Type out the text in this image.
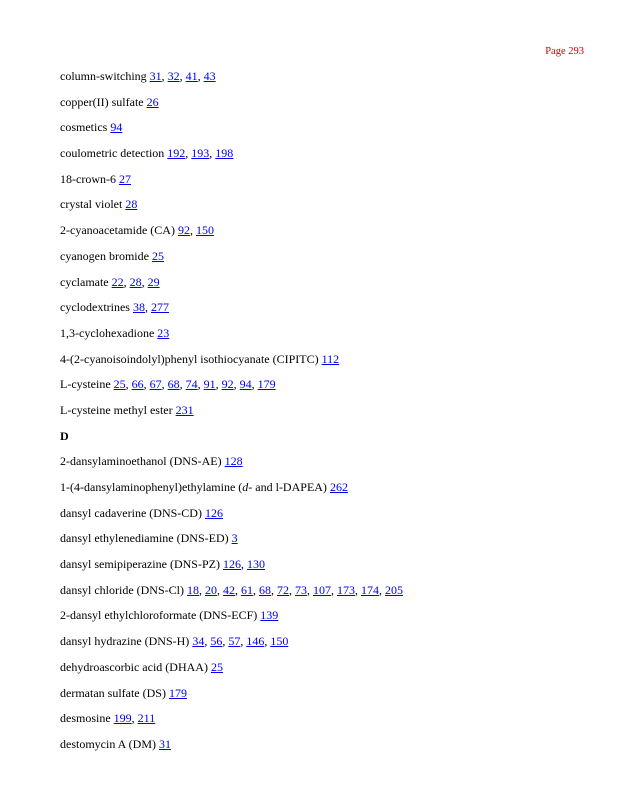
Page 293
column-switching 31, 32, 41, 43
copper(II) sulfate 26
cosmetics 94
coulometric detection 192, 193, 198
18-crown-6 27
crystal violet 28
2-cyanoacetamide (CA) 92, 150
cyanogen bromide 25
cyclamate 22, 28, 29
cyclodextrines 38, 277
1,3-cyclohexadione 23
4-(2-cyanoisoindolyl)phenyl isothiocyanate (CIPITC) 112
L-cysteine 25, 66, 67, 68, 74, 91, 92, 94, 179
L-cysteine methyl ester 231
D
2-dansylaminoethanol (DNS-AE) 128
1-(4-dansylaminophenyl)ethylamine (d- and l-DAPEA) 262
dansyl cadaverine (DNS-CD) 126
dansyl ethylenediamine (DNS-ED) 3
dansyl semipiperazine (DNS-PZ) 126, 130
dansyl chloride (DNS-Cl) 18, 20, 42, 61, 68, 72, 73, 107, 173, 174, 205
2-dansyl ethylchloroformate (DNS-ECF) 139
dansyl hydrazine (DNS-H) 34, 56, 57, 146, 150
dehydroascorbic acid (DHAA) 25
dermatan sulfate (DS) 179
desmosine 199, 211
destomycin A (DM) 31
